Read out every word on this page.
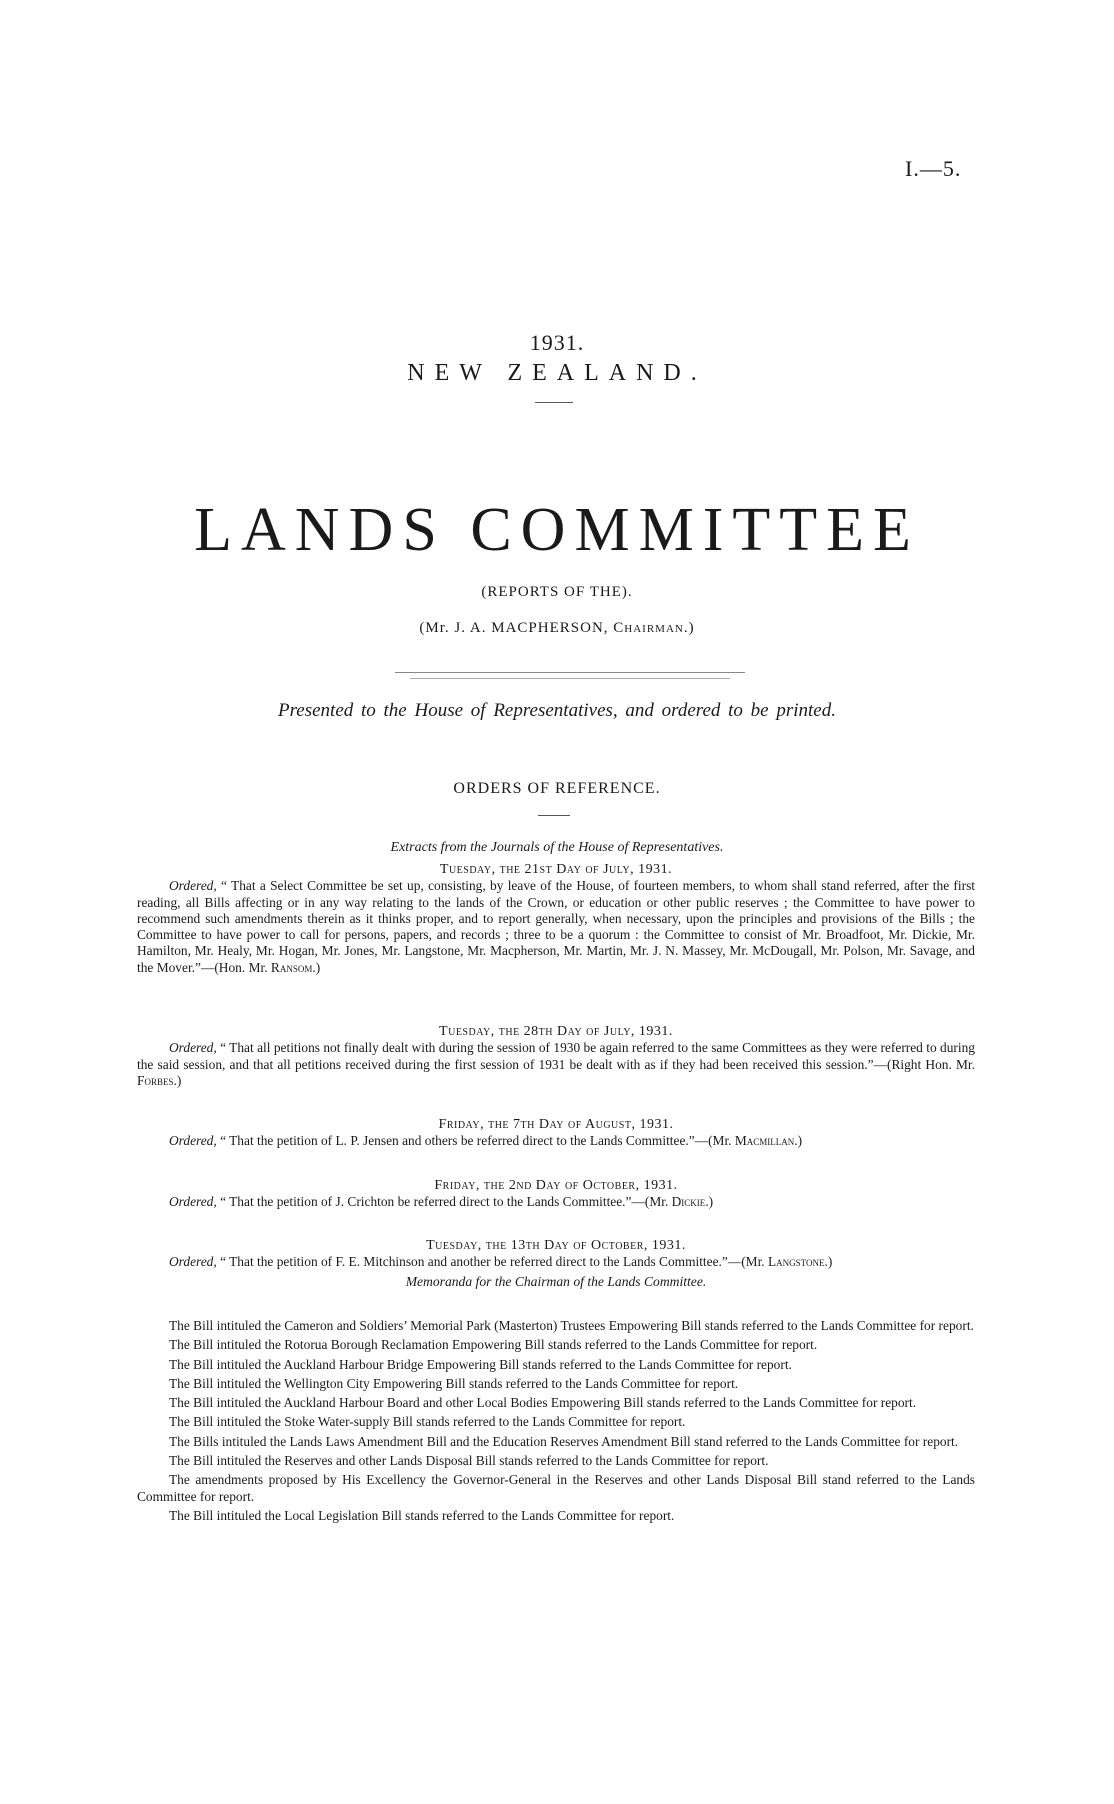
I.—5.
1931.
NEW ZEALAND.
LANDS COMMITTEE
(REPORTS OF THE).
(Mr. J. A. MACPHERSON, Chairman.)
Presented to the House of Representatives, and ordered to be printed.
ORDERS OF REFERENCE.
Extracts from the Journals of the House of Representatives.
Tuesday, the 21st Day of July, 1931.

Ordered, “ That a Select Committee be set up, consisting, by leave of the House, of fourteen members, to whom shall stand referred, after the first reading, all Bills affecting or in any way relating to the lands of the Crown, or education or other public reserves ; the Committee to have power to recommend such amendments therein as it thinks proper, and to report generally, when necessary, upon the principles and provisions of the Bills ; the Committee to have power to call for persons, papers, and records ; three to be a quorum : the Committee to consist of Mr. Broadfoot, Mr. Dickie, Mr. Hamilton, Mr. Healy, Mr. Hogan, Mr. Jones, Mr. Langstone, Mr. Macpherson, Mr. Martin, Mr. J. N. Massey, Mr. McDougall, Mr. Polson, Mr. Savage, and the Mover.”—(Hon. Mr. Ransom.)

Tuesday, the 28th Day of July, 1931.

Ordered, “ That all petitions not finally dealt with during the session of 1930 be again referred to the same Committees as they were referred to during the said session, and that all petitions received during the first session of 1931 be dealt with as if they had been received this session.”—(Right Hon. Mr. Forbes.)

Friday, the 7th Day of August, 1931.

Ordered, “ That the petition of L. P. Jensen and others be referred direct to the Lands Committee.”—(Mr. Macmillan.)

Friday, the 2nd Day of October, 1931.

Ordered, “ That the petition of J. Crichton be referred direct to the Lands Committee.”—(Mr. Dickie.)

Tuesday, the 13th Day of October, 1931.

Ordered, “ That the petition of F. E. Mitchinson and another be referred direct to the Lands Committee.”—(Mr. Langstone.)

Memoranda for the Chairman of the Lands Committee.

The Bill intituled the Cameron and Soldiers’ Memorial Park (Masterton) Trustees Empowering Bill stands referred to the Lands Committee for report.

The Bill intituled the Rotorua Borough Reclamation Empowering Bill stands referred to the Lands Committee for report.

The Bill intituled the Auckland Harbour Bridge Empowering Bill stands referred to the Lands Committee for report.

The Bill intituled the Wellington City Empowering Bill stands referred to the Lands Committee for report.

The Bill intituled the Auckland Harbour Board and other Local Bodies Empowering Bill stands referred to the Lands Committee for report.

The Bill intituled the Stoke Water-supply Bill stands referred to the Lands Committee for report.

The Bills intituled the Lands Laws Amendment Bill and the Education Reserves Amendment Bill stand referred to the Lands Committee for report.

The Bill intituled the Reserves and other Lands Disposal Bill stands referred to the Lands Committee for report.

The amendments proposed by His Excellency the Governor-General in the Reserves and other Lands Disposal Bill stand referred to the Lands Committee for report.

The Bill intituled the Local Legislation Bill stands referred to the Lands Committee for report.
